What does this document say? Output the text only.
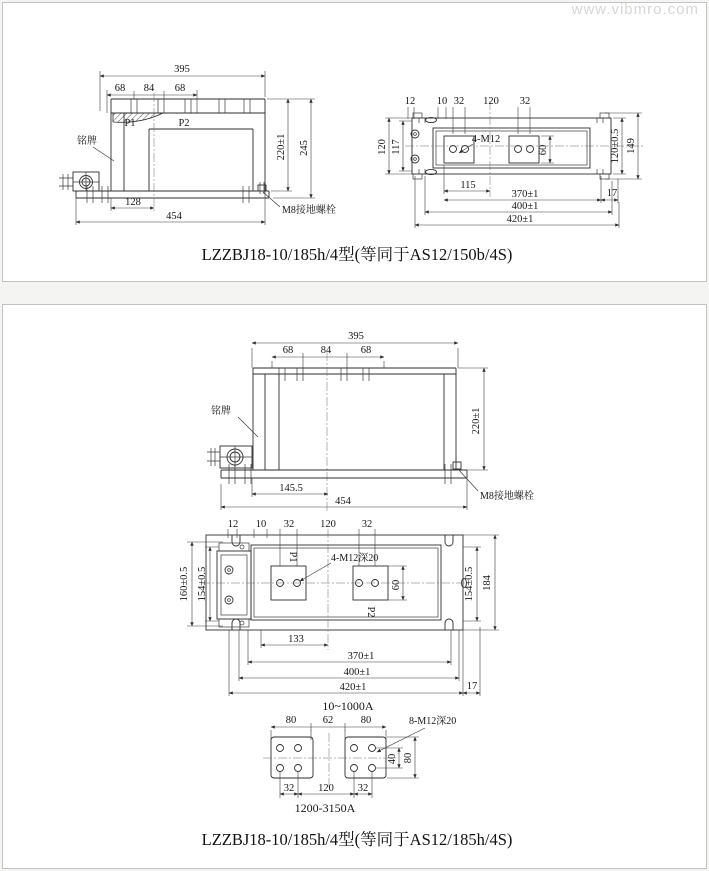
www.vibmro.com
395
68 84 68
P1	P2
铭牌	220±1 245
128
454
M8接地螺栓
12 10 32 120 32
120 117	4-M12
60	120±0.5 149
115
370±1	17
400±1
420±1
LZZBJ18-10/185h/4型(等同于AS12/150b/4S)
395
68	84	68
铭牌	220±1
145.5
454	M8接地螺栓
12 10 32 120 32
160±0.5 154±0.5
P1
P2
4-M12深20
60	154±0.5 184
133
370±1
400±1
420±1	17
10~1000A
80	62	80	8-M12深20
40 80
32 120 32
1200-3150A
LZZBJ18-10/185h/4型(等同于AS12/185h/4S)
